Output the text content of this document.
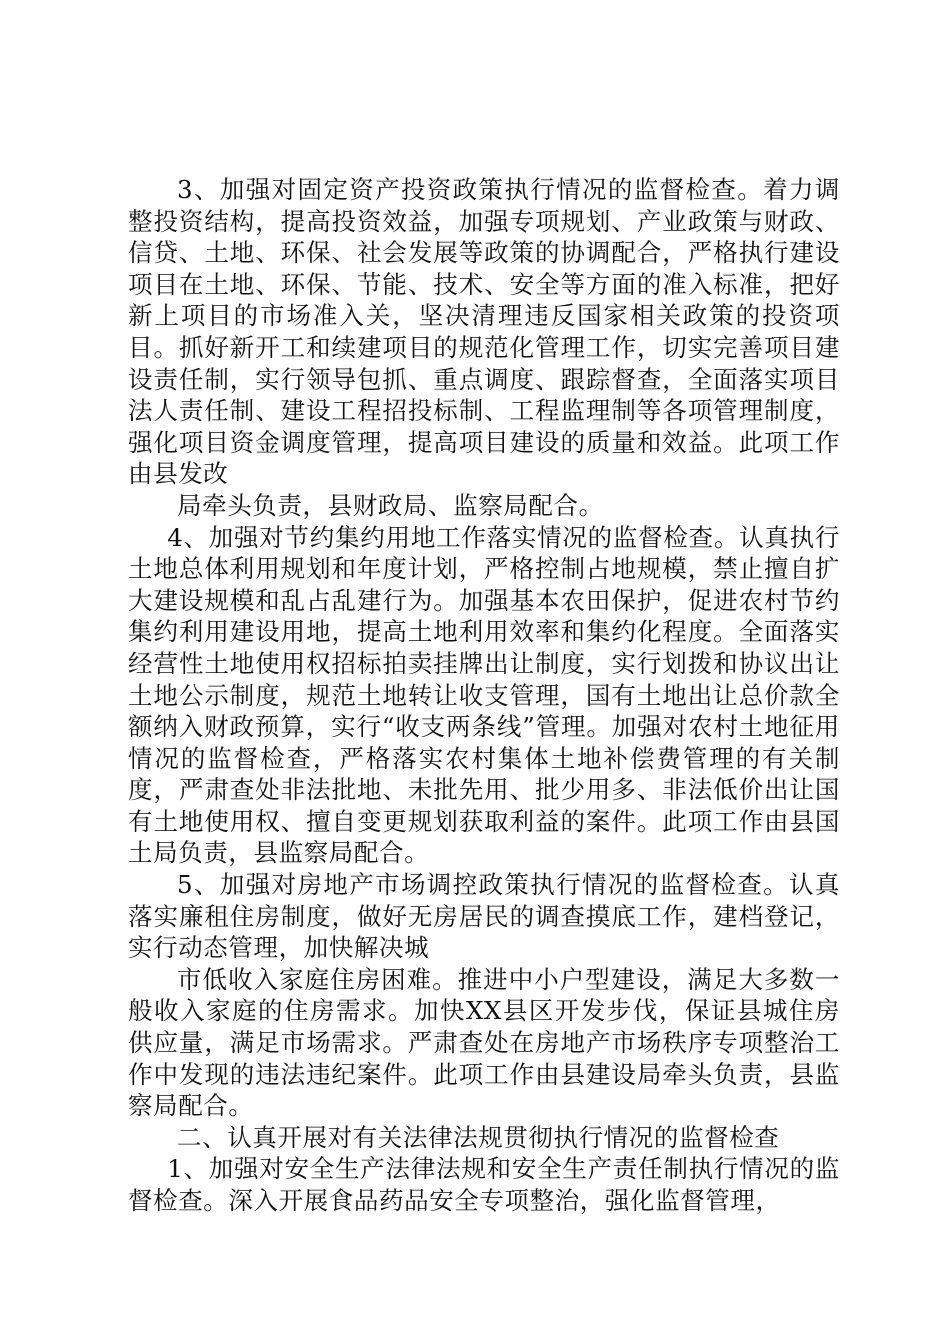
3、加强对固定资产投资政策执行情况的监督检查。着力调整投资结构，提高投资效益，加强专项规划、产业政策与财政、信贷、土地、环保、社会发展等政策的协调配合，严格执行建设项目在土地、环保、节能、技术、安全等方面的准入标准，把好新上项目的市场准入关，坚决清理违反国家相关政策的投资项目。抓好新开工和续建项目的规范化管理工作，切实完善项目建设责任制，实行领导包抓、重点调度、跟踪督查，全面落实项目法人责任制、建设工程招投标制、工程监理制等各项管理制度，强化项目资金调度管理，提高项目建设的质量和效益。此项工作由县发改

局牵头负责，县财政局、监察局配合。

4、加强对节约集约用地工作落实情况的监督检查。认真执行土地总体利用规划和年度计划，严格控制占地规模，禁止擅自扩大建设规模和乱占乱建行为。加强基本农田保护，促进农村节约集约利用建设用地，提高土地利用效率和集约化程度。全面落实经营性土地使用权招标拍卖挂牌出让制度，实行划拨和协议出让土地公示制度，规范土地转让收支管理，国有土地出让总价款全额纳入财政预算，实行“收支两条线”管理。加强对农村土地征用情况的监督检查，严格落实农村集体土地补偿费管理的有关制度，严肃查处非法批地、未批先用、批少用多、非法低价出让国有土地使用权、擅自变更规划获取利益的案件。此项工作由县国土局负责，县监察局配合。

5、加强对房地产市场调控政策执行情况的监督检查。认真落实廉租住房制度，做好无房居民的调查摸底工作，建档登记，实行动态管理，加快解决城

市低收入家庭住房困难。推进中小户型建设，满足大多数一般收入家庭的住房需求。加快XX县区开发步伐，保证县城住房供应量，满足市场需求。严肃查处在房地产市场秩序专项整治工作中发现的违法违纪案件。此项工作由县建设局牵头负责，县监察局配合。

二、认真开展对有关法律法规贯彻执行情况的监督检查

1、加强对安全生产法律法规和安全生产责任制执行情况的监督检查。深入开展食品药品安全专项整治，强化监督管理，
